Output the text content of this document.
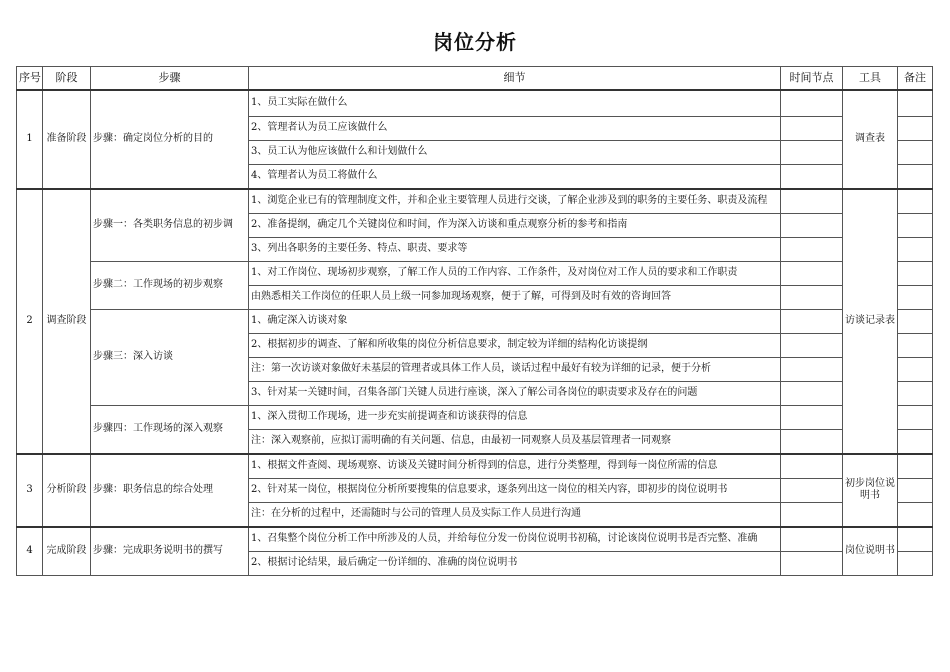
岗位分析
序号	阶段	步骤	细节	时间节点	工具	备注
1	准备阶段	步骤：确定岗位分析的目的	1、员工实际在做什么		调查表	
			2、管理者认为员工应该做什么			
			3、员工认为他应该做什么和计划做什么			
			4、管理者认为员工将做什么			
2	调查阶段	步骤一：各类职务信息的初步调	1、浏览企业已有的管理制度文件，并和企业主要管理人员进行交谈，了解企业涉及到的职务的主要任务、职责及流程		访谈记录表	
			2、准备提纲，确定几个关键岗位和时间，作为深入访谈和重点观察分析的参考和指南			
			3、列出各职务的主要任务、特点、职责、要求等			
		步骤二：工作现场的初步观察	1、对工作岗位、现场初步观察，了解工作人员的工作内容、工作条件，及对岗位对工作人员的要求和工作职责			
			由熟悉相关工作岗位的任职人员上级一同参加现场观察，便于了解，可得到及时有效的咨询回答			
		步骤三：深入访谈	1、确定深入访谈对象			
			2、根据初步的调查、了解和所收集的岗位分析信息要求，制定较为详细的结构化访谈提纲			
			注：第一次访谈对象做好未基层的管理者或具体工作人员，谈话过程中最好有较为详细的记录，便于分析			
			3、针对某一关键时间，召集各部门关键人员进行座谈，深入了解公司各岗位的职责要求及存在的问题			
		步骤四：工作现场的深入观察	1、深入贯彻工作现场，进一步充实前提调查和访谈获得的信息			
			注：深入观察前，应拟订需明确的有关问题、信息，由最初一同观察人员及基层管理者一同观察			
3	分析阶段	步骤：职务信息的综合处理	1、根据文件查阅、现场观察、访谈及关键时间分析得到的信息，进行分类整理，得到每一岗位所需的信息		初步岗位说明书	
			2、针对某一岗位，根据岗位分析所要搜集的信息要求，逐条列出这一岗位的相关内容，即初步的岗位说明书			
			注：在分析的过程中，还需随时与公司的管理人员及实际工作人员进行沟通			
4	完成阶段	步骤：完成职务说明书的撰写	1、召集整个岗位分析工作中所涉及的人员，并给每位分发一份岗位说明书初稿，讨论该岗位说明书是否完整、准确		岗位说明书	
			2、根据讨论结果，最后确定一份详细的、准确的岗位说明书			
